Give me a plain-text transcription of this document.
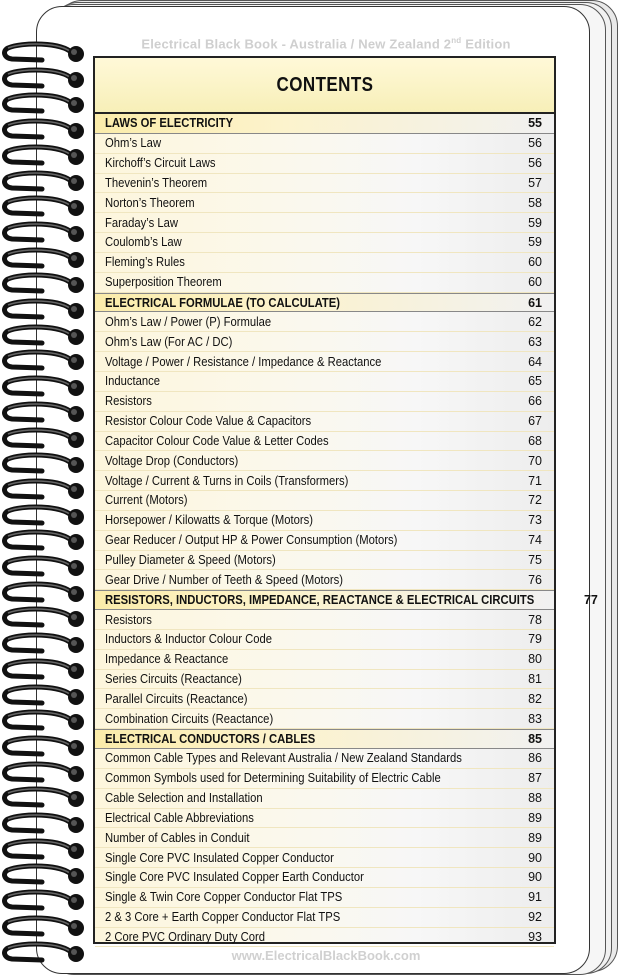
Electrical Black Book - Australia / New Zealand 2nd Edition
CONTENTS
LAWS OF ELECTRICITY	55
Ohm’s Law	56
Kirchoff’s Circuit Laws	56
Thevenin’s Theorem	57
Norton’s Theorem	58
Faraday’s Law	59
Coulomb’s Law	59
Fleming’s Rules	60
Superposition Theorem	60
ELECTRICAL FORMULAE (TO CALCULATE)	61
Ohm’s Law / Power (P) Formulae	62
Ohm’s Law (For AC / DC)	63
Voltage / Power / Resistance / Impedance & Reactance	64
Inductance	65
Resistors	66
Resistor Colour Code Value & Capacitors	67
Capacitor Colour Code Value & Letter Codes	68
Voltage Drop (Conductors)	70
Voltage / Current & Turns in Coils (Transformers)	71
Current (Motors)	72
Horsepower / Kilowatts & Torque (Motors)	73
Gear Reducer / Output HP & Power Consumption (Motors)	74
Pulley Diameter & Speed (Motors)	75
Gear Drive / Number of Teeth & Speed (Motors)	76
RESISTORS, INDUCTORS, IMPEDANCE, REACTANCE & ELECTRICAL CIRCUITS	77
Resistors	78
Inductors & Inductor Colour Code	79
Impedance & Reactance	80
Series Circuits (Reactance)	81
Parallel Circuits (Reactance)	82
Combination Circuits (Reactance)	83
ELECTRICAL CONDUCTORS / CABLES	85
Common Cable Types and Relevant Australia / New Zealand Standards	86
Common Symbols used for Determining Suitability of Electric Cable	87
Cable Selection and Installation	88
Electrical Cable Abbreviations	89
Number of Cables in Conduit	89
Single Core PVC Insulated Copper Conductor	90
Single Core PVC Insulated Copper Earth Conductor	90
Single & Twin Core Copper Conductor Flat TPS	91
2 & 3 Core + Earth Copper Conductor Flat TPS	92
2 Core PVC Ordinary Duty Cord	93
www.ElectricalBlackBook.com
